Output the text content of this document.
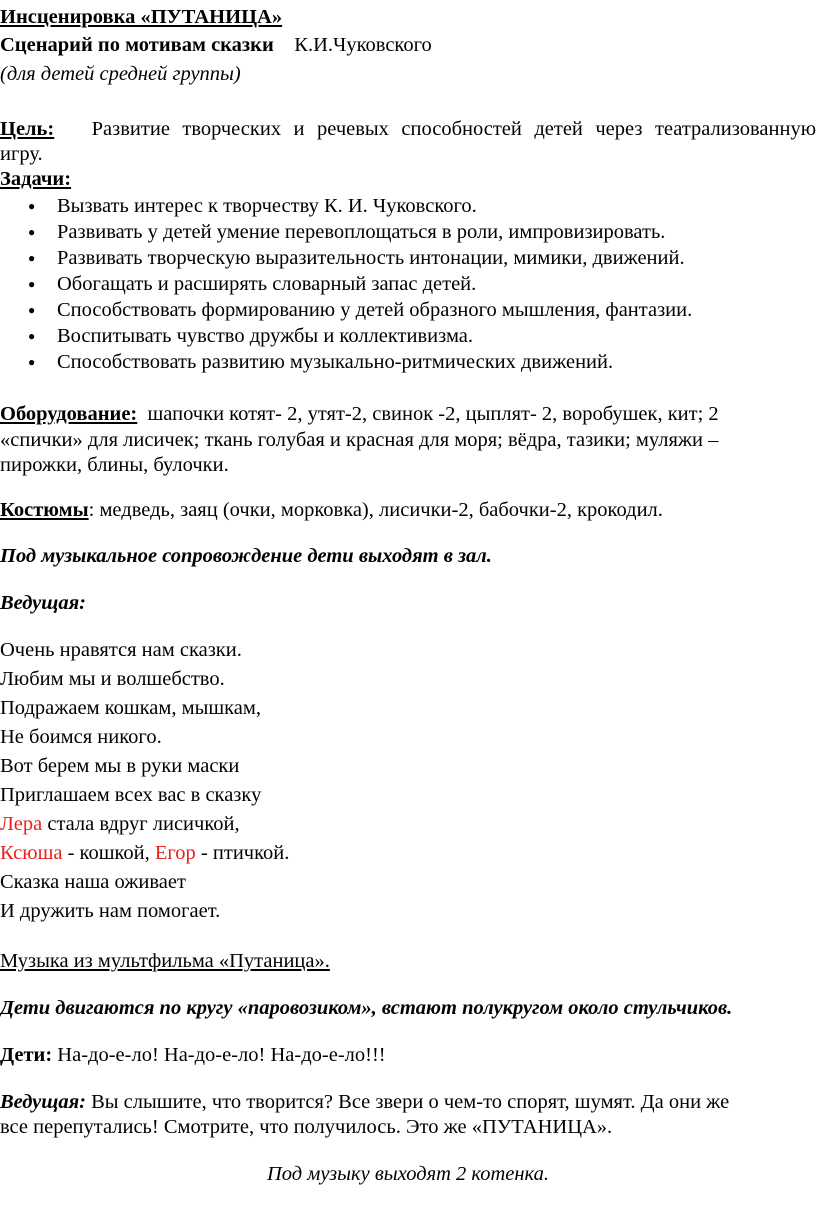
Инсценировка «ПУТАНИЦА»
Сценарий по мотивам сказки К.И.Чуковского
(для детей средней группы)
Цель: Развитие творческих и речевых способностей детей через театрализованную
игру.
Задачи:
● Вызвать интерес к творчеству К. И. Чуковского.
● Развивать у детей умение перевоплощаться в роли, импровизировать.
● Развивать творческую выразительность интонации, мимики, движений.
● Обогащать и расширять словарный запас детей.
● Способствовать формированию у детей образного мышления, фантазии.
● Воспитывать чувство дружбы и коллективизма.
● Способствовать развитию музыкально-ритмических движений.
Оборудование: шапочки котят- 2, утят-2, свинок -2, цыплят- 2, воробушек, кит; 2
«спички» для лисичек; ткань голубая и красная для моря; вёдра, тазики; муляжи –
пирожки, блины, булочки.
Костюмы: медведь, заяц (очки, морковка), лисички-2, бабочки-2, крокодил.
Под музыкальное сопровождение дети выходят в зал.
Ведущая:
Очень нравятся нам сказки.
Любим мы и волшебство.
Подражаем кошкам, мышкам,
Не боимся никого.
Вот берем мы в руки маски
Приглашаем всех вас в сказку
Лера стала вдруг лисичкой,
Ксюша - кошкой, Егор - птичкой.
Сказка наша оживает
И дружить нам помогает.
Музыка из мультфильма «Путаница».
Дети двигаются по кругу «паровозиком», встают полукругом около стульчиков.
Дети: На-до-е-ло! На-до-е-ло! На-до-е-ло!!!
Ведущая: Вы слышите, что творится? Все звери о чем-то спорят, шумят. Да они же
все перепутались! Смотрите, что получилось. Это же «ПУТАНИЦА».
Под музыку выходят 2 котенка.
